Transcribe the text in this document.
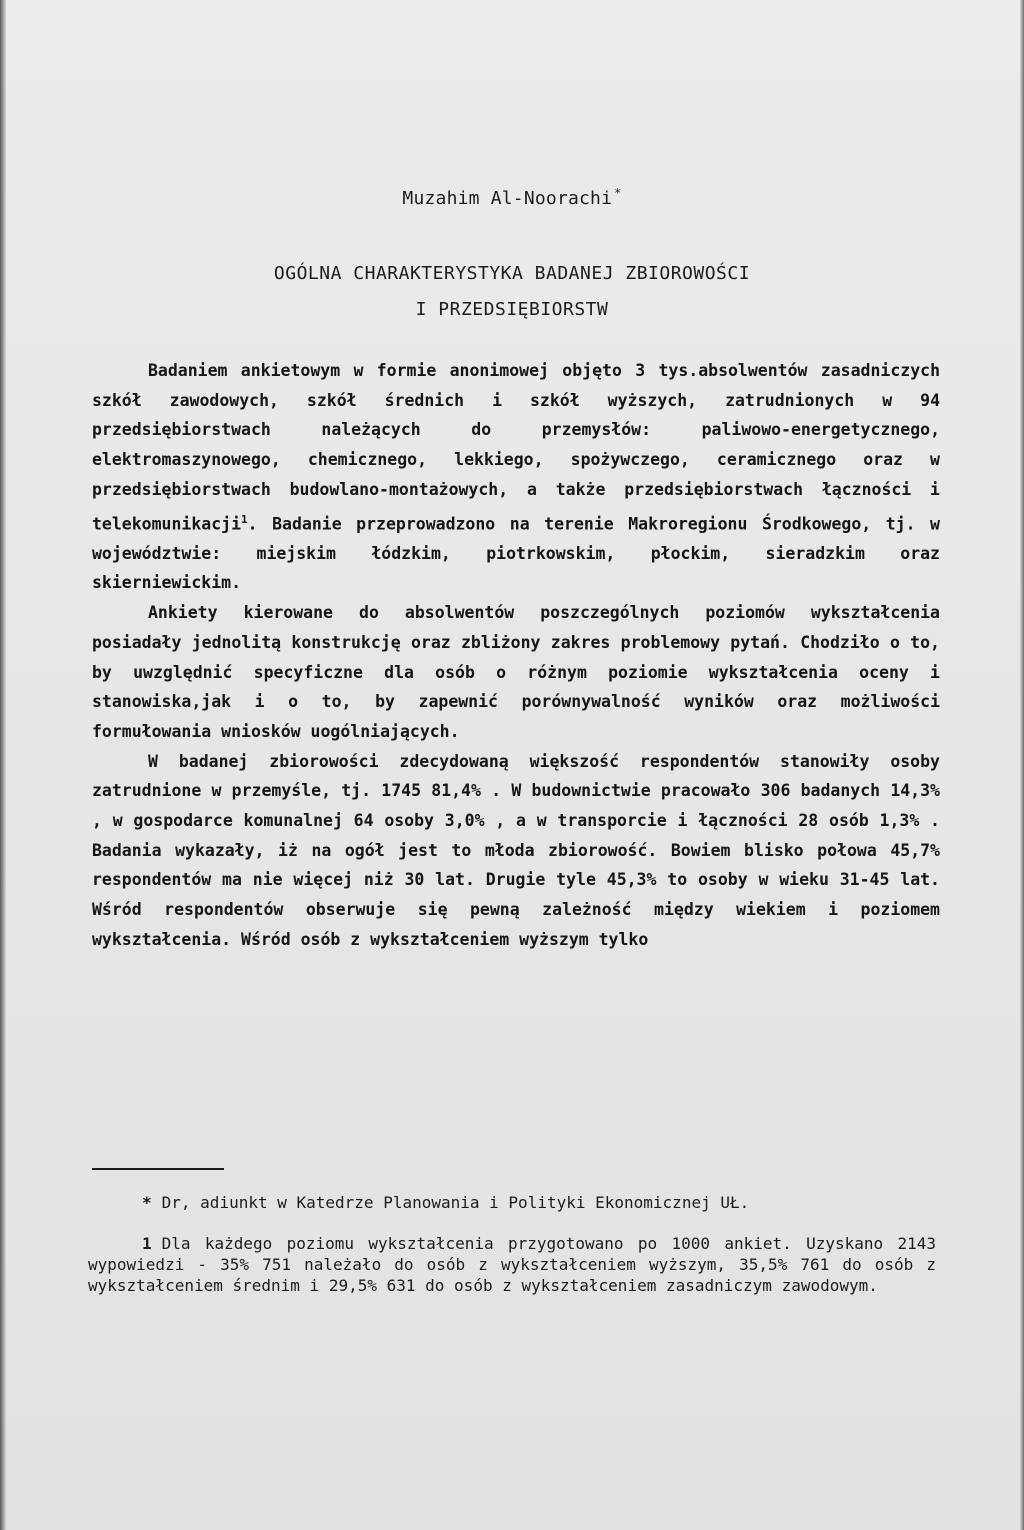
Muzahim Al-Noorachi *
OGÓLNA CHARAKTERYSTYKA BADANEJ ZBIOROWOŚCI
I PRZEDSIĘBIORSTW

Badaniem ankietowym w formie anonimowej objęto 3 tys.absolwentów zasadniczych szkół zawodowych, szkół średnich i szkół wyższych, zatrudnionych w 94 przedsiębiorstwach należących do przemysłów: paliwowo-energetycznego, elektromaszynowego, chemicznego, lekkiego, spożywczego, ceramicznego oraz w przedsiębiorstwach budowlano-montażowych, a także przedsiębiorstwach łączności i telekomunikacji$^1$. Badanie przeprowadzono na terenie Makroregionu Środkowego, tj. w województwie: miejskim łódzkim, piotrkowskim, płockim, sieradzkim oraz skierniewickim.

Ankiety kierowane do absolwentów poszczególnych poziomów wykształcenia posiadały jednolitą konstrukcję oraz zbliżony zakres problemowy pytań. Chodziło o to, by uwzględnić specyficzne dla osób o różnym poziomie wykształcenia oceny i stanowiska,jak i o to, by zapewnić porównywalność wyników oraz możliwości formułowania wniosków uogólniających.

W badanej zbiorowości zdecydowaną większość respondentów stanowiły osoby zatrudnione w przemyśle, tj. 1745 81,4% . W budownictwie pracowało 306 badanych 14,3% , w gospodarce komunalnej 64 osoby 3,0% , a w transporcie i łączności 28 osób 1,3% . Badania wykazały, iż na ogół jest to młoda zbiorowość. Bowiem blisko połowa 45,7% respondentów ma nie więcej niż 30 lat. Drugie tyle 45,3% to osoby w wieku 31-45 lat. Wśród respondentów obserwuje się pewną zależność między wiekiem i poziomem wykształcenia. Wśród osób z wykształceniem wyższym tylko

* Dr, adiunkt w Katedrze Planowania i Polityki Ekonomicznej UŁ.
1 Dla każdego poziomu wykształcenia przygotowano po 1000 ankiet. Uzyskano 2143 wypowiedzi - 35% 751 należało do osób z wykształceniem wyższym, 35,5% 761 do osób z wykształceniem średnim i 29,5% 631 do osób z wykształceniem zasadniczym zawodowym.
